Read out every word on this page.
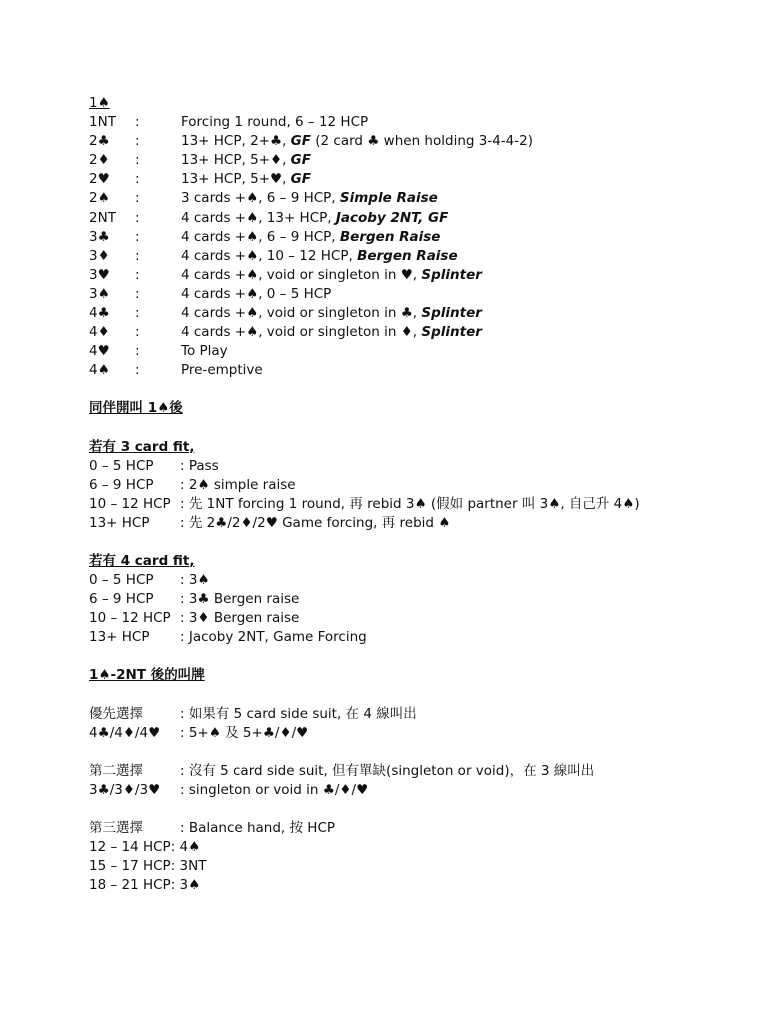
1♠
1NT :	Forcing 1 round, 6 – 12 HCP
2♣ :	13+ HCP, 2+♣, GF (2 card ♣ when holding 3-4-4-2)
2♦ :	13+ HCP, 5+♦, GF
2♥ :	13+ HCP, 5+♥, GF
2♠ :	3 cards +♠, 6 – 9 HCP, Simple Raise
2NT :	4 cards +♠, 13+ HCP, Jacoby 2NT, GF
3♣ :	4 cards +♠, 6 – 9 HCP, Bergen Raise
3♦ :	4 cards +♠, 10 – 12 HCP, Bergen Raise
3♥ :	4 cards +♠, void or singleton in ♥, Splinter
3♠ :	4 cards +♠, 0 – 5 HCP
4♣ :	4 cards +♠, void or singleton in ♣, Splinter
4♦ :	4 cards +♠, void or singleton in ♦, Splinter
4♥ :	To Play
4♠ :	Pre-emptive
同伴開叫 1♠後
若有 3 card fit,
0 – 5 HCP : Pass
6 – 9 HCP : 2♠ simple raise
10 – 12 HCP : 先 1NT forcing 1 round, 再 rebid 3♠ (假如 partner 叫 3♠, 自己升 4♠)
13+ HCP : 先 2♣/2♦/2♥ Game forcing, 再 rebid ♠
若有 4 card fit,
0 – 5 HCP : 3♠
6 – 9 HCP : 3♣ Bergen raise
10 – 12 HCP : 3♦ Bergen raise
13+ HCP : Jacoby 2NT, Game Forcing
1♠-2NT 後的叫牌
優先選擇	: 如果有 5 card side suit, 在 4 線叫出
4♣/4♦/4♥ : 5+♠ 及 5+♣/♦/♥
第二選擇	: 沒有 5 card side suit, 但有單缺(singleton or void)，在 3 線叫出
3♣/3♦/3♥ : singleton or void in ♣/♦/♥
第三選擇	: Balance hand, 按 HCP
12 – 14 HCP: 4♠
15 – 17 HCP: 3NT
18 – 21 HCP: 3♠
